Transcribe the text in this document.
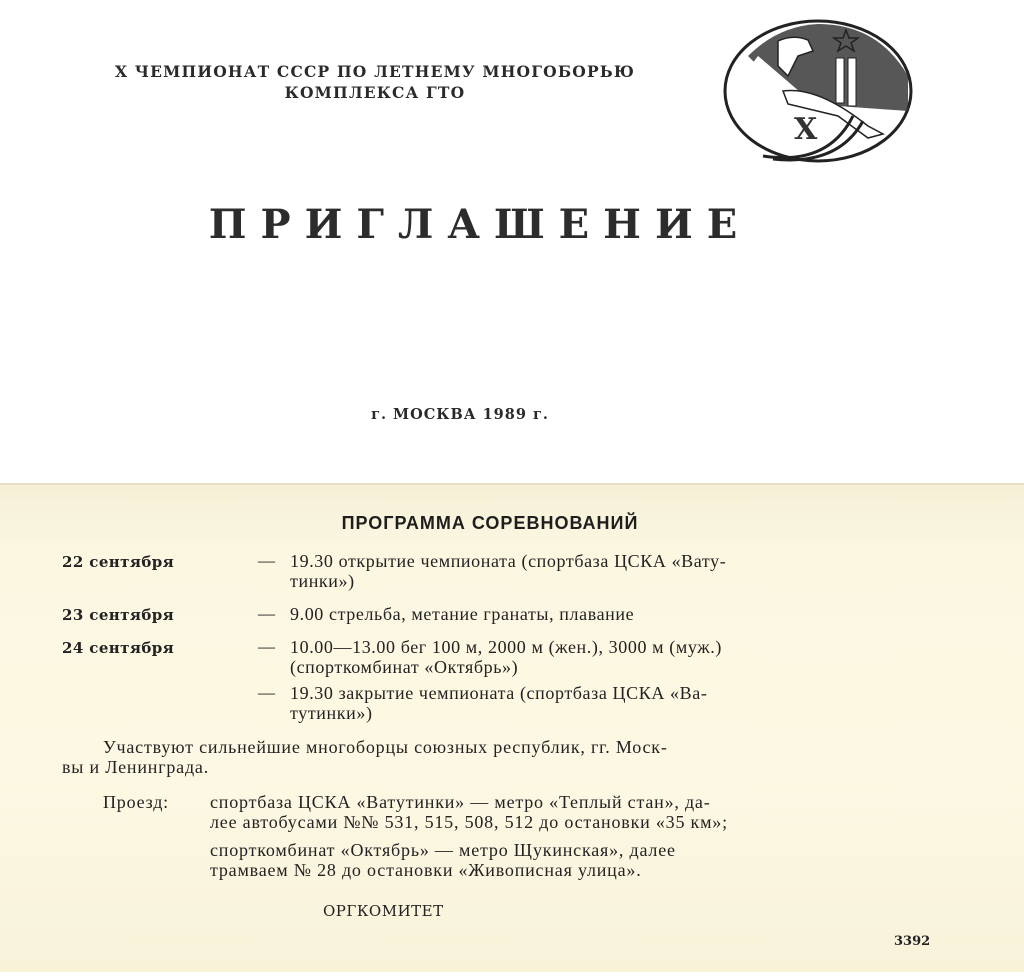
X ЧЕМПИОНАТ СССР ПО ЛЕТНЕМУ МНОГОБОРЬЮ
КОМПЛЕКСА ГТО
X
ПРИГЛАШЕНИЕ
г. МОСКВА 1989 г.
ПРОГРАММА СОРЕВНОВАНИЙ
22 сентября	— 19.30 открытие чемпионата (спортбаза ЦСКА «Вату-
тинки»)
23 сентября	— 9.00 стрельба, метание гранаты, плавание
24 сентября	— 10.00—13.00 бег 100 м, 2000 м (жен.), 3000 м (муж.)
(спорткомбинат «Октябрь»)
— 19.30 закрытие чемпионата (спортбаза ЦСКА «Ва-
тутинки»)
Участвуют сильнейшие многоборцы союзных республик, гг. Моск-
вы и Ленинграда.
Проезд: спортбаза ЦСКА «Ватутинки» — метро «Теплый стан», да-
лее автобусами №№ 531, 515, 508, 512 до остановки «35 км»;
спорткомбинат «Октябрь» — метро Щукинская», далее
трамваем № 28 до остановки «Живописная улица».
ОРГКОМИТЕТ
3392
